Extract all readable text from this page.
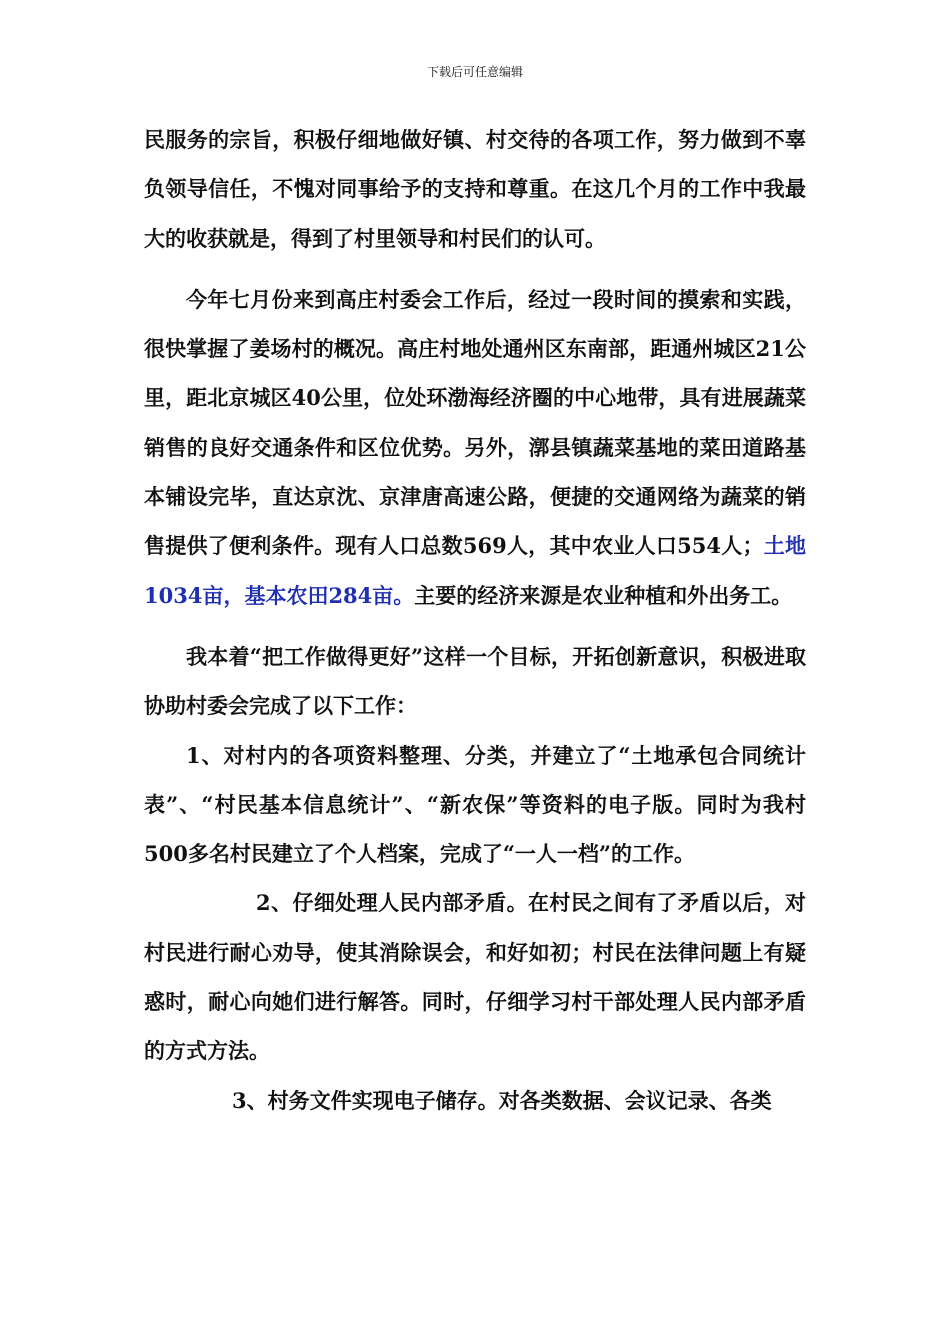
下载后可任意编辑

民服务的宗旨，积极仔细地做好镇、村交待的各项工作，努力做到不辜负领导信任，不愧对同事给予的支持和尊重。在这几个月的工作中我最大的收获就是，得到了村里领导和村民们的认可。

今年七月份来到高庄村委会工作后，经过一段时间的摸索和实践，很快掌握了姜场村的概况。高庄村地处通州区东南部，距通州城区21公里，距北京城区40公里，位处环渤海经济圈的中心地带，具有进展蔬菜销售的良好交通条件和区位优势。另外，漷县镇蔬菜基地的菜田道路基本铺设完毕，直达京沈、京津唐高速公路，便捷的交通网络为蔬菜的销售提供了便利条件。现有人口总数569人，其中农业人口554人；土地1034亩，基本农田284亩。主要的经济来源是农业种植和外出务工。

我本着“把工作做得更好”这样一个目标，开拓创新意识，积极进取协助村委会完成了以下工作：

1、对村内的各项资料整理、分类，并建立了“土地承包合同统计表”、“村民基本信息统计”、“新农保”等资料的电子版。同时为我村500多名村民建立了个人档案，完成了“一人一档”的工作。

2、仔细处理人民内部矛盾。在村民之间有了矛盾以后，对村民进行耐心劝导，使其消除误会，和好如初；村民在法律问题上有疑惑时，耐心向她们进行解答。同时，仔细学习村干部处理人民内部矛盾的方式方法。

3、村务文件实现电子储存。对各类数据、会议记录、各类
